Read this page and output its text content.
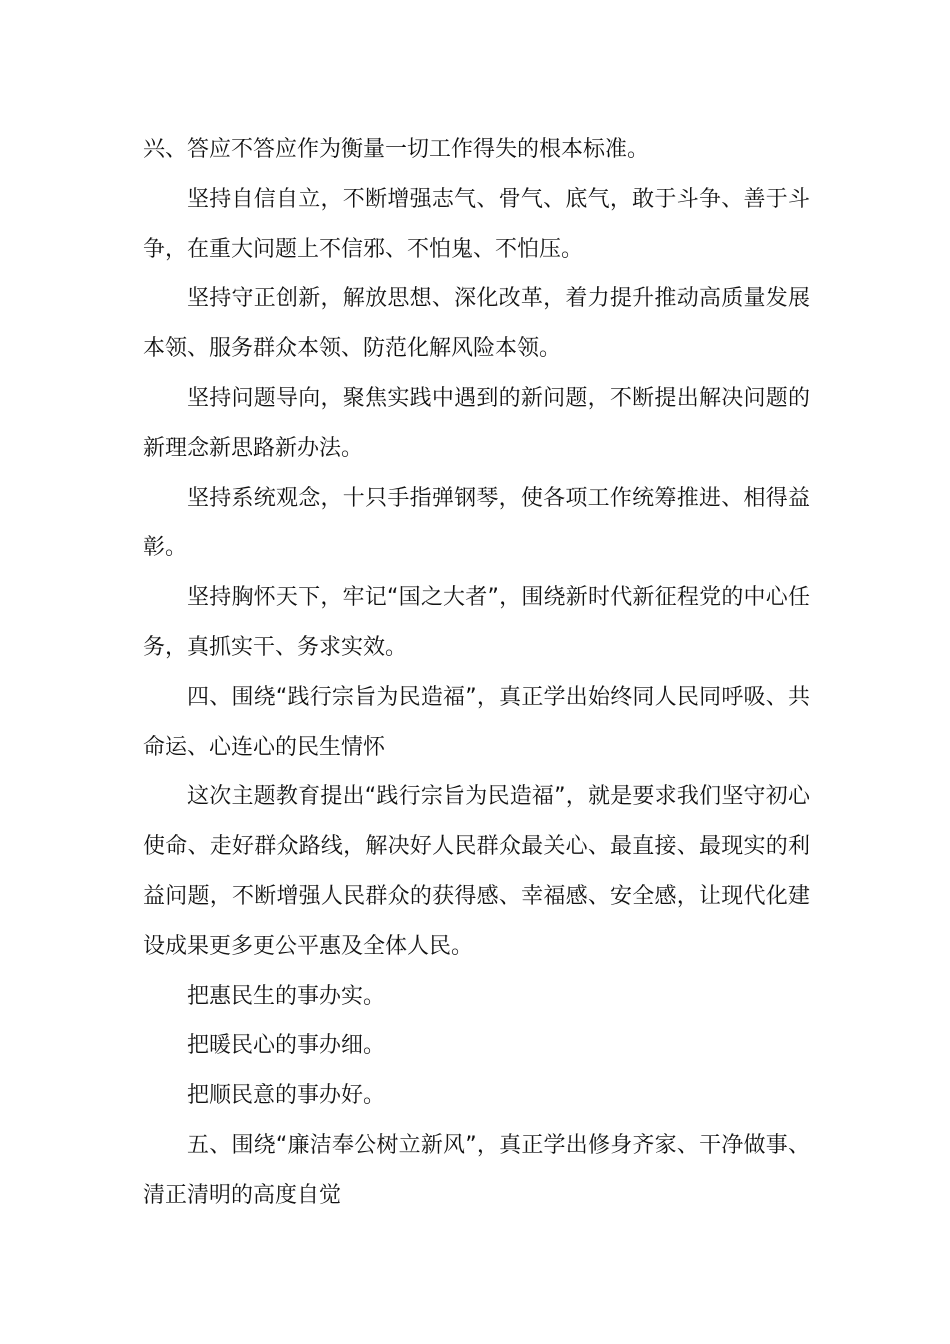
兴、答应不答应作为衡量一切工作得失的根本标准。

坚持自信自立，不断增强志气、骨气、底气，敢于斗争、善于斗争，在重大问题上不信邪、不怕鬼、不怕压。

坚持守正创新，解放思想、深化改革，着力提升推动高质量发展本领、服务群众本领、防范化解风险本领。

坚持问题导向，聚焦实践中遇到的新问题，不断提出解决问题的新理念新思路新办法。

坚持系统观念，十只手指弹钢琴，使各项工作统筹推进、相得益彰。

坚持胸怀天下，牢记“国之大者”，围绕新时代新征程党的中心任务，真抓实干、务求实效。

四、围绕“践行宗旨为民造福”，真正学出始终同人民同呼吸、共命运、心连心的民生情怀

这次主题教育提出“践行宗旨为民造福”，就是要求我们坚守初心使命、走好群众路线，解决好人民群众最关心、最直接、最现实的利益问题，不断增强人民群众的获得感、幸福感、安全感，让现代化建设成果更多更公平惠及全体人民。

把惠民生的事办实。

把暖民心的事办细。

把顺民意的事办好。

五、围绕“廉洁奉公树立新风”，真正学出修身齐家、干净做事、清正清明的高度自觉
